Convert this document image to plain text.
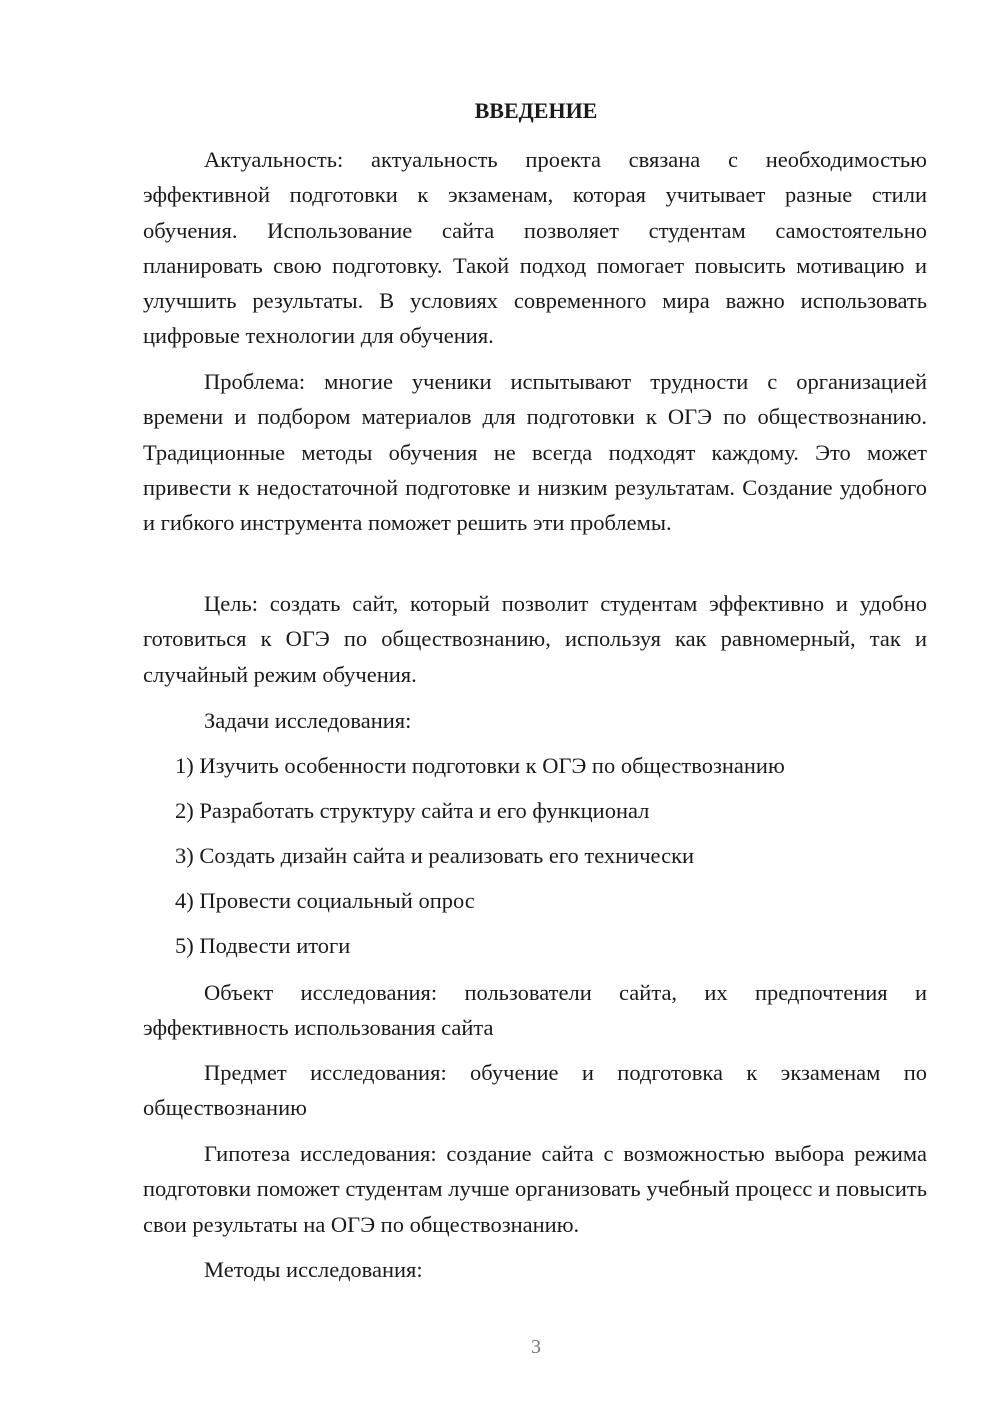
ВВЕДЕНИЕ

Актуальность: актуальность проекта связана с необходимостью эффективной подготовки к экзаменам, которая учитывает разные стили обучения. Использование сайта позволяет студентам самостоятельно планировать свою подготовку. Такой подход помогает повысить мотивацию и улучшить результаты. В условиях современного мира важно использовать цифровые технологии для обучения.

Проблема: многие ученики испытывают трудности с организацией времени и подбором материалов для подготовки к ОГЭ по обществознанию. Традиционные методы обучения не всегда подходят каждому. Это может привести к недостаточной подготовке и низким результатам. Создание удобного и гибкого инструмента поможет решить эти проблемы.

Цель: создать сайт, который позволит студентам эффективно и удобно готовиться к ОГЭ по обществознанию, используя как равномерный, так и случайный режим обучения.

Задачи исследования:

1) Изучить особенности подготовки к ОГЭ по обществознанию
2) Разработать структуру сайта и его функционал
3) Создать дизайн сайта и реализовать его технически
4) Провести социальный опрос
5) Подвести итоги

Объект исследования: пользователи сайта, их предпочтения и эффективность использования сайта

Предмет исследования: обучение и подготовка к экзаменам по обществознанию

Гипотеза исследования: создание сайта с возможностью выбора режима подготовки поможет студентам лучше организовать учебный процесс и повысить свои результаты на ОГЭ по обществознанию.

Методы исследования:

3
